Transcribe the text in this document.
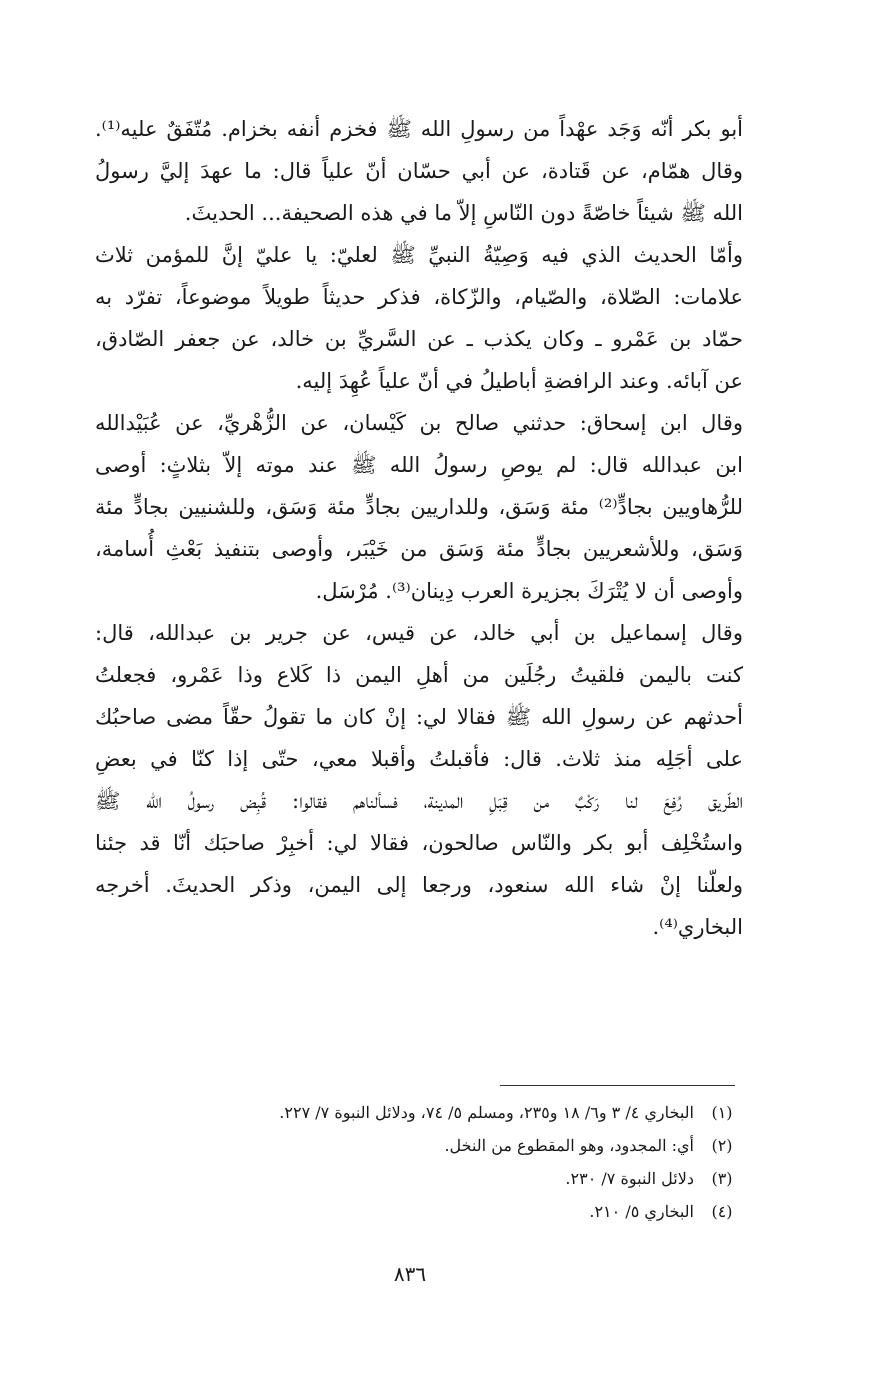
أبو بكر أنّه وَجَد عهْداً من رسولِ الله ﷺ فخزم أنفه بخزام. مُتّفَقٌ عليه⁽¹⁾.
وقال همّام، عن قَتادة، عن أبي حسّان أنّ علياً قال: ما عهدَ إليَّ رسولُ
الله ﷺ شيئاً خاصّةً دون النّاسِ إلاّ ما في هذه الصحيفة... الحديثَ.
وأمّا الحديث الذي فيه وَصِيّةُ النبيِّ ﷺ لعليّ: يا عليّ إنَّ للمؤمن ثلاث
علامات: الصّلاة، والصّيام، والزّكاة، فذكر حديثاً طويلاً موضوعاً، تفرّد به
حمّاد بن عَمْرو ـ وكان يكذب ـ عن السَّريِّ بن خالد، عن جعفر الصّادق،
عن آبائه. وعند الرافضةِ أباطيلُ في أنّ علياً عُهِدَ إليه.
وقال ابن إسحاق: حدثني صالح بن كَيْسان، عن الزُّهْريِّ، عن عُبَيْدالله
ابن عبدالله قال: لم يوصِ رسولُ الله ﷺ عند موته إلاّ بثلاثٍ: أوصى
للرُّهاويين بجادٍّ⁽²⁾ مئة وَسَق، وللداريين بجادٍّ مئة وَسَق، وللشنيين بجادٍّ مئة
وَسَق، وللأشعريين بجادٍّ مئة وَسَق من خَيْبَر، وأوصى بتنفيذ بَعْثِ أُسامة،
وأوصى أن لا يُتْرَكَ بجزيرة العرب دِينان⁽³⁾. مُرْسَل.
وقال إسماعيل بن أبي خالد، عن قيس، عن جرير بن عبدالله، قال:
كنت باليمن فلقيتُ رجُلَين من أهلِ اليمن ذا كَلاع وذا عَمْرو، فجعلتُ
أحدثهم عن رسولِ الله ﷺ فقالا لي: إنْ كان ما تقولُ حقّاً مضى صاحبُك
على أجَلِه منذ ثلاث. قال: فأقبلتُ وأقبلا معي، حتّى إذا كنّا في بعضِ
الطّريق رُفِعَ لنا رَكْبٌ من قِبَلِ المدينة، فسألناهم فقالوا: قُبِض رسولُ الله ﷺ
واستُخْلِف أبو بكر والنّاس صالحون، فقالا لي: أخبِرْ صاحبَك أنّا قد جئنا
ولعلّنا إنْ شاء الله سنعود، ورجعا إلى اليمن، وذكر الحديثَ. أخرجه
البخاري⁽⁴⁾.
(١)
البخاري ٤/ ٣ و٦/ ١٨ و٢٣٥، ومسلم ٥/ ٧٤، ودلائل النبوة ٧/ ٢٢٧.
(٢)
أي: المجدود، وهو المقطوع من النخل.
(٣)
دلائل النبوة ٧/ ٢٣٠.
(٤)
البخاري ٥/ ٢١٠.
٨٣٦
